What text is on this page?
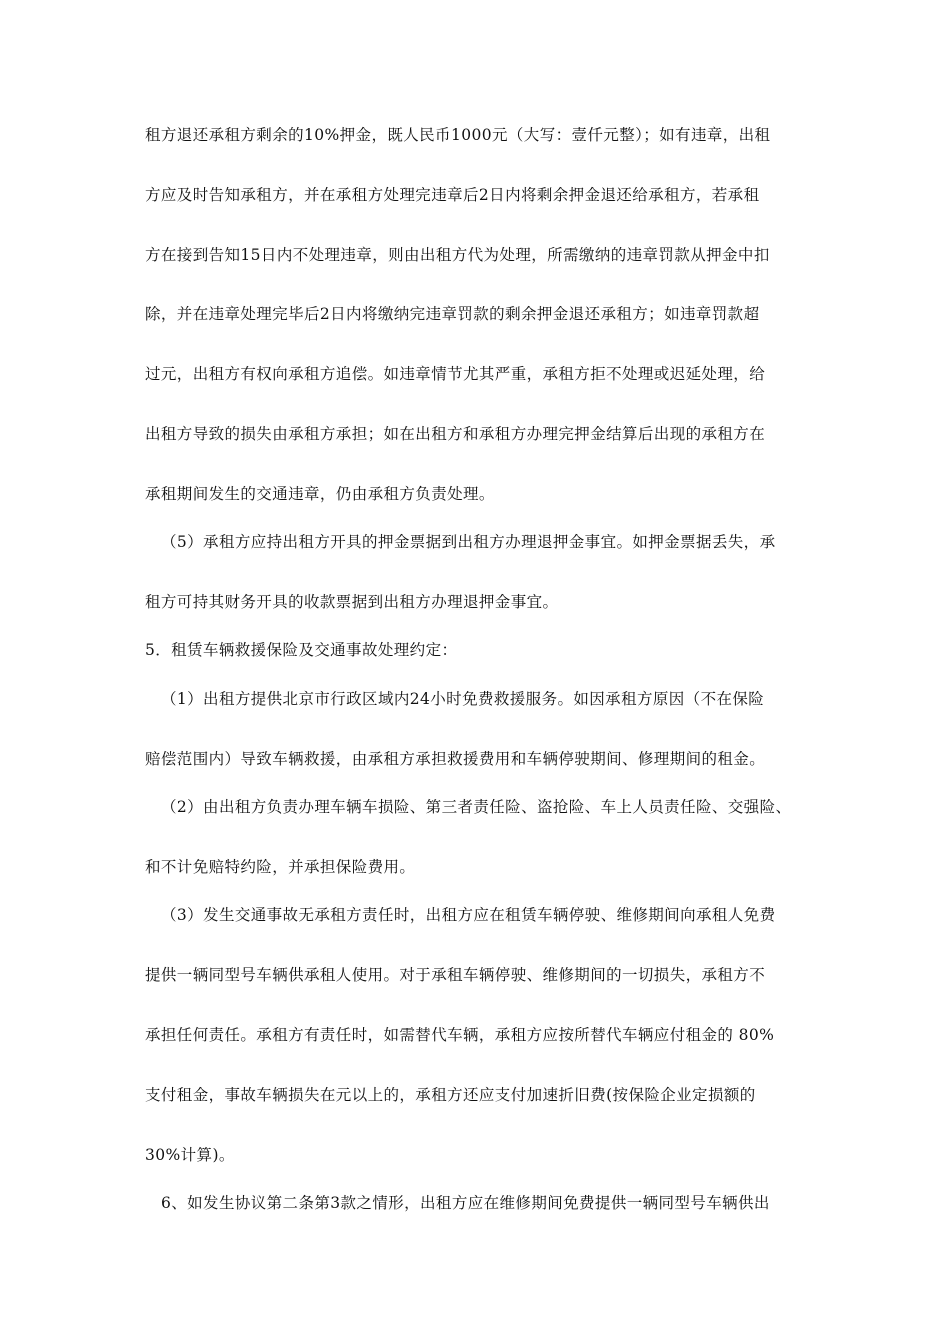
租方退还承租方剩余的10%押金，既人民币1000元（大写：壹仟元整）；如有违章，出租
方应及时告知承租方，并在承租方处理完违章后2日内将剩余押金退还给承租方，若承租
方在接到告知15日内不处理违章，则由出租方代为处理，所需缴纳的违章罚款从押金中扣
除，并在违章处理完毕后2日内将缴纳完违章罚款的剩余押金退还承租方；如违章罚款超
过元，出租方有权向承租方追偿。如违章情节尤其严重，承租方拒不处理或迟延处理，给
出租方导致的损失由承租方承担；如在出租方和承租方办理完押金结算后出现的承租方在
承租期间发生的交通违章，仍由承租方负责处理。
（5）承租方应持出租方开具的押金票据到出租方办理退押金事宜。如押金票据丢失，承
租方可持其财务开具的收款票据到出租方办理退押金事宜。
5．租赁车辆救援保险及交通事故处理约定：
（1）出租方提供北京市行政区域内24小时免费救援服务。如因承租方原因（不在保险
赔偿范围内）导致车辆救援，由承租方承担救援费用和车辆停驶期间、修理期间的租金。
（2）由出租方负责办理车辆车损险、第三者责任险、盗抢险、车上人员责任险、交强险、
和不计免赔特约险，并承担保险费用。
（3）发生交通事故无承租方责任时，出租方应在租赁车辆停驶、维修期间向承租人免费
提供一辆同型号车辆供承租人使用。对于承租车辆停驶、维修期间的一切损失，承租方不
承担任何责任。承租方有责任时，如需替代车辆，承租方应按所替代车辆应付租金的 80%
支付租金，事故车辆损失在元以上的，承租方还应支付加速折旧费(按保险企业定损额的
30%计算)。
6、如发生协议第二条第3款之情形，出租方应在维修期间免费提供一辆同型号车辆供出
